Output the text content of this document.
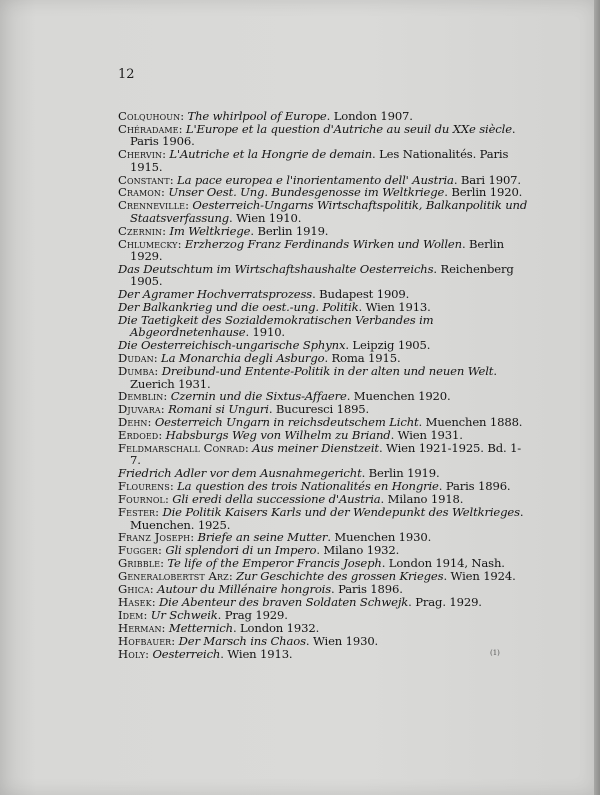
12
Colquhoun: The whirlpool of Europe. London 1907.
Chéradame: L'Europe et la question d'Autriche au seuil du XXe siècle. Paris 1906.
Chervin: L'Autriche et la Hongrie de demain. Les Nationalités. Paris 1915.
Constant: La pace europea e l'inorientamento dell' Austria. Bari 1907.
Cramon: Unser Oest. Ung. Bundesgenosse im Weltkriege. Berlin 1920.
Crenneville: Oesterreich-Ungarns Wirtschaftspolitik, Balkanpolitik und Staatsverfassung. Wien 1910.
Czernin: Im Weltkriege. Berlin 1919.
Chlumecky: Erzherzog Franz Ferdinands Wirken und Wollen. Berlin 1929.
Das Deutschtum im Wirtschaftshaushalte Oesterreichs. Reichenberg 1905.
Der Agramer Hochverratsprozess. Budapest 1909.
Der Balkankrieg und die oest.-ung. Politik. Wien 1913.
Die Taetigkeit des Sozialdemokratischen Verbandes im Abgeordnetenhause. 1910.
Die Oesterreichisch-ungarische Sphynx. Leipzig 1905.
Dudan: La Monarchia degli Asburgo. Roma 1915.
Dumba: Dreibund-und Entente-Politik in der alten und neuen Welt. Zuerich 1931.
Demblin: Czernin und die Sixtus-Affaere. Muenchen 1920.
Djuvara: Romani si Unguri. Bucuresci 1895.
Dehn: Oesterreich Ungarn in reichsdeutschem Licht. Muenchen 1888.
Erdoed: Habsburgs Weg von Wilhelm zu Briand. Wien 1931.
Feldmarschall Conrad: Aus meiner Dienstzeit. Wien 1921-1925. Bd. 1-7.
Friedrich Adler vor dem Ausnahmegericht. Berlin 1919.
Flourens: La question des trois Nationalités en Hongrie. Paris 1896.
Fournol: Gli eredi della successione d'Austria. Milano 1918.
Fester: Die Politik Kaisers Karls und der Wendepunkt des Weltkrieges. Muenchen. 1925.
Franz Joseph: Briefe an seine Mutter. Muenchen 1930.
Fugger: Gli splendori di un Impero. Milano 1932.
Gribble: Te life of the Emperor Francis Joseph. London 1914, Nash.
Generalobertst Arz: Zur Geschichte des grossen Krieges. Wien 1924.
Ghica: Autour du Millénaire hongrois. Paris 1896.
Hasek: Die Abenteur des braven Soldaten Schwejk. Prag. 1929.
Idem: Ur Schweik. Prag 1929.
Herman: Metternich. London 1932.
Hofbauer: Der Marsch ins Chaos. Wien 1930.
Holy: Oesterreich. Wien 1913.	(1)
